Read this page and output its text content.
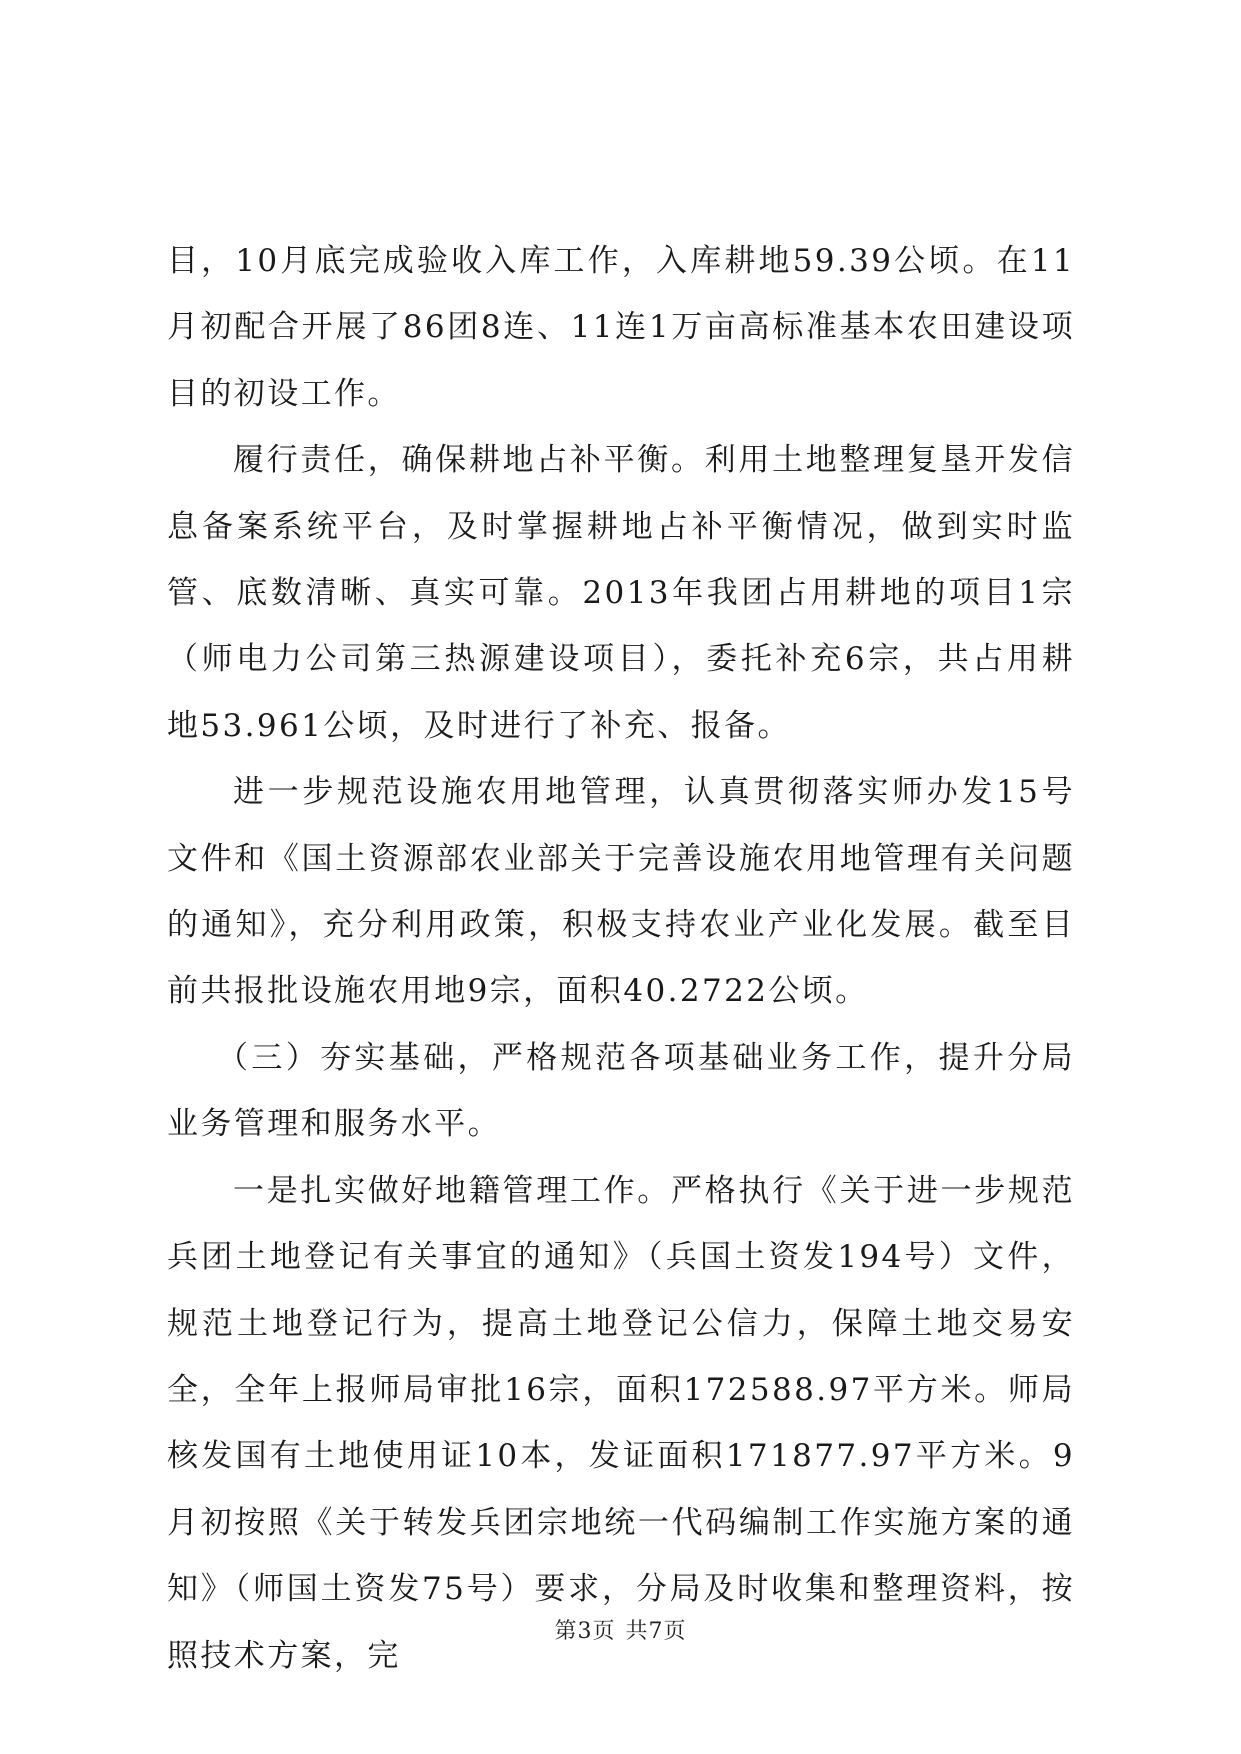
目，10月底完成验收入库工作，入库耕地59.39公顷。在11月初配合开展了86团8连、11连1万亩高标准基本农田建设项目的初设工作。

履行责任，确保耕地占补平衡。利用土地整理复垦开发信息备案系统平台，及时掌握耕地占补平衡情况，做到实时监管、底数清晰、真实可靠。2013年我团占用耕地的项目1宗（师电力公司第三热源建设项目），委托补充6宗，共占用耕地53.961公顷，及时进行了补充、报备。

进一步规范设施农用地管理，认真贯彻落实师办发15号文件和《国土资源部农业部关于完善设施农用地管理有关问题的通知》，充分利用政策，积极支持农业产业化发展。截至目前共报批设施农用地9宗，面积40.2722公顷。

（三）夯实基础，严格规范各项基础业务工作，提升分局业务管理和服务水平。

一是扎实做好地籍管理工作。严格执行《关于进一步规范兵团土地登记有关事宜的通知》（兵国土资发194号）文件，规范土地登记行为，提高土地登记公信力，保障土地交易安全，全年上报师局审批16宗，面积172588.97平方米。师局核发国有土地使用证10本，发证面积171877.97平方米。9月初按照《关于转发兵团宗地统一代码编制工作实施方案的通知》（师国土资发75号）要求，分局及时收集和整理资料，按照技术方案，完

第3页 共7页
